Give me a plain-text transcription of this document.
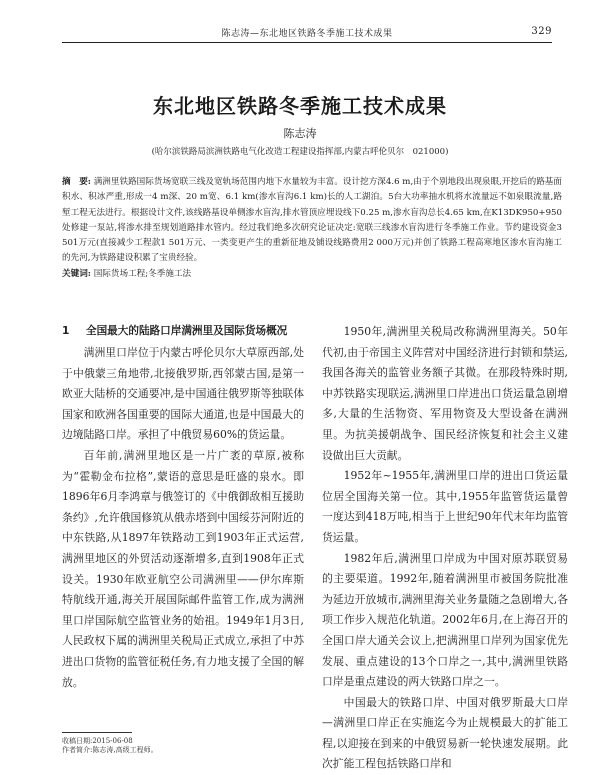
陈志涛—东北地区铁路冬季施工技术成果	329
东北地区铁路冬季施工技术成果
陈志涛
(哈尔滨铁路局滨洲铁路电气化改造工程建设指挥部,内蒙古呼伦贝尔　021000)
摘　要: 满洲里铁路国际货场宽联三线及宽轨场范围内地下水量较为丰富。设计挖方深4.6 m,由于个别地段出现泉眼,开挖后的路基面积水、积冰严重,形成一4 m深、20 m宽、6.1 km(渗水盲沟6.1 km)长的人工湖泊。5台大功率抽水机将水流量远不如泉眼流量,路堑工程无法进行。根据设计文件,该线路基设单侧渗水盲沟,排水管顶应埋设线下0.25 m,渗水盲沟总长4.65 km,在K13DK950+950处修建一泵站,将渗水排至规划道路排水管内。经过我们绝多次研究论证决定:宽联三线渗水盲沟进行冬季施工作业。节约建设资金3 501万元(直接减少工程款1 501万元、一类变更产生的重新征地及铺设线路费用2 000万元)并创了铁路工程高寒地区渗水盲沟施工的先河,为铁路建设积累了宝贵经验。
关键词: 国际货场工程;冬季施工法
1 全国最大的陆路口岸满洲里及国际货场概况

满洲里口岸位于内蒙古呼伦贝尔大草原西部,处于中俄蒙三角地带,北接俄罗斯,西邻蒙古国,是第一欧亚大陆桥的交通要冲,是中国通往俄罗斯等独联体国家和欧洲各国重要的国际大通道,也是中国最大的边境陆路口岸。承担了中俄贸易60%的货运量。

百年前,满洲里地区是一片广袤的草原,被称为“霍勒金布拉格”,蒙语的意思是旺盛的泉水。即1896年6月李鸿章与俄签订的《中俄御敌相互援助条约》,允许俄国修筑从俄赤塔到中国绥芬河附近的中东铁路,从1897年铁路动工到1903年正式运营,满洲里地区的外贸活动逐渐增多,直到1908年正式设关。1930年欧亚航空公司满洲里——伊尔库斯特航线开通,海关开展国际邮件监管工作,成为满洲里口岸国际航空监管业务的始祖。1949年1月3日,人民政权下属的满洲里关税局正式成立,承担了中苏进出口货物的监管征税任务,有力地支援了全国的解放。

1950年,满洲里关税局改称满洲里海关。50年代初,由于帝国主义阵营对中国经济进行封锁和禁运,我国各海关的监管业务额子其微。在那段特殊时期,中苏铁路实现联运,满洲里口岸进出口货运量急剧增多,大量的生活物资、军用物资及大型设备在满洲里。为抗美援朝战争、国民经济恢复和社会主义建设做出巨大贡献。

1952年~1955年,满洲里口岸的进出口货运量位居全国海关第一位。其中,1955年监管货运量曾一度达到418万吨,相当于上世纪90年代末年均监管货运量。

1982年后,满洲里口岸成为中国对原苏联贸易的主要渠道。1992年,随着满洲里市被国务院批准为延边开放城市,满洲里海关业务量随之急剧增大,各项工作步入规范化轨道。2002年6月,在上海召开的全国口岸大通关会议上,把满洲里口岸列为国家优先发展、重点建设的13个口岸之一,其中,满洲里铁路口岸是重点建设的两大铁路口岸之一。

中国最大的铁路口岸、中国对俄罗斯最大口岸—满洲里口岸正在实施迄今为止规模最大的扩能工程,以迎接在到来的中俄贸易新一轮快速发展期。此次扩能工程包括铁路口岸和

收稿日期:2015-06-08
作者简介:陈志涛,高级工程师。
